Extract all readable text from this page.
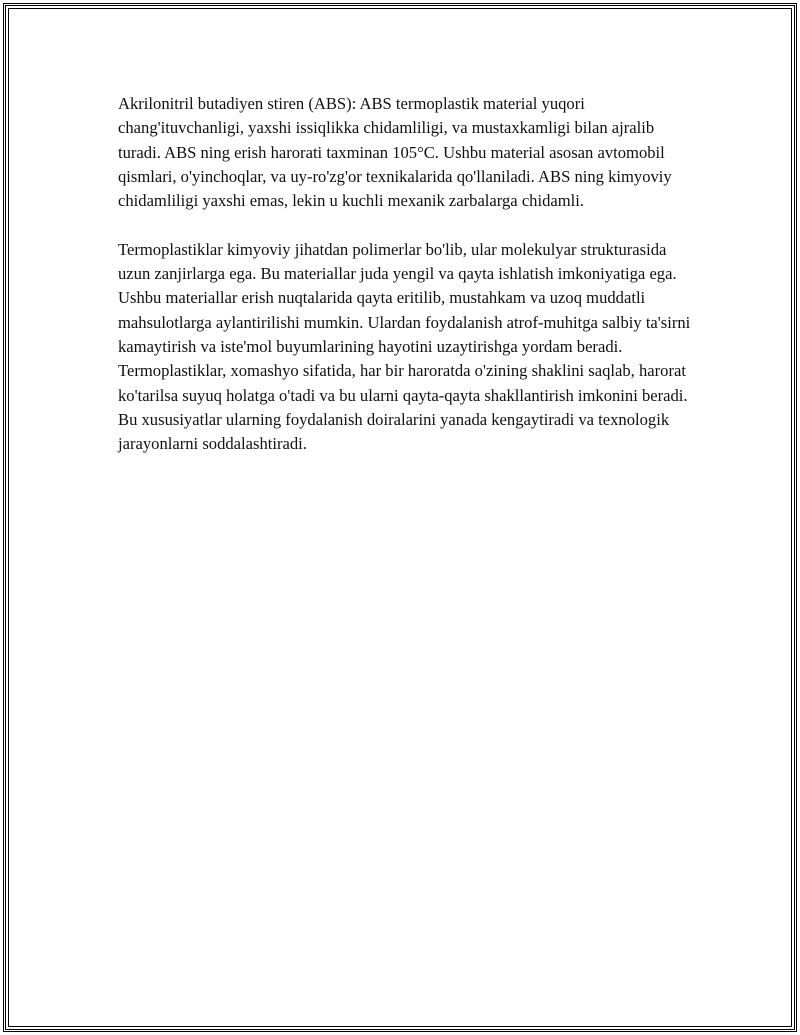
Akrilonitril butadiyen stiren (ABS): ABS termoplastik material yuqori chang'ituvchanligi, yaxshi issiqlikka chidamliligi, va mustaxkamligi bilan ajralib turadi. ABS ning erish harorati taxminan 105°C. Ushbu material asosan avtomobil qismlari, o'yinchoqlar, va uy-ro'zg'or texnikalarida qo'llaniladi. ABS ning kimyoviy chidamliligi yaxshi emas, lekin u kuchli mexanik zarbalarga chidamli.

Termoplastiklar kimyoviy jihatdan polimerlar bo'lib, ular molekulyar strukturasida uzun zanjirlarga ega. Bu materiallar juda yengil va qayta ishlatish imkoniyatiga ega. Ushbu materiallar erish nuqtalarida qayta eritilib, mustahkam va uzoq muddatli mahsulotlarga aylantirilishi mumkin. Ulardan foydalanish atrof-muhitga salbiy ta'sirni kamaytirish va iste'mol buyumlarining hayotini uzaytirishga yordam beradi. Termoplastiklar, xomashyo sifatida, har bir haroratda o'zining shaklini saqlab, harorat ko'tarilsa suyuq holatga o'tadi va bu ularni qayta-qayta shakllantirish imkonini beradi. Bu xususiyatlar ularning foydalanish doiralarini yanada kengaytiradi va texnologik jarayonlarni soddalashtiradi.
